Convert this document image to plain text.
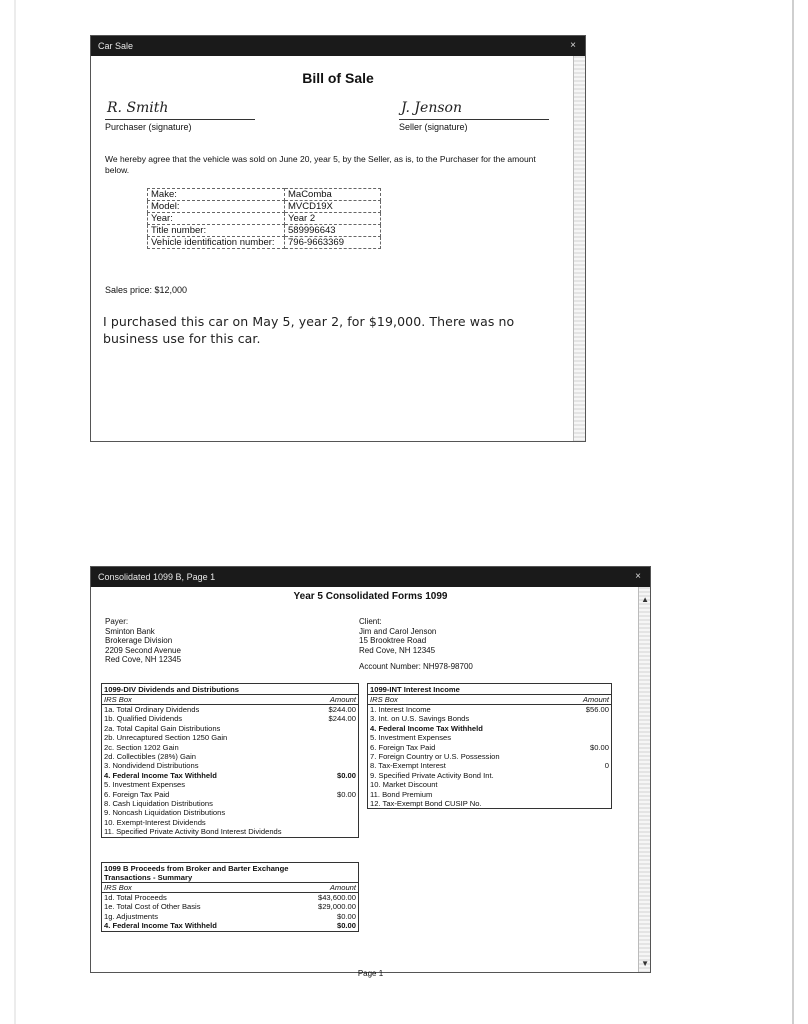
Car Sale	×
Bill of Sale
R. Smith
Purchaser (signature)
J. Jenson
Seller (signature)
We hereby agree that the vehicle was sold on June 20, year 5, by the Seller, as is, to the Purchaser for the amount below.
Make:	MaComba
Model:	MVCD19X
Year:	Year 2
Title number:	589996643
Vehicle identification number:	796-9663369
Sales price: $12,000
I purchased this car on May 5, year 2, for $19,000. There was no business use for this car.
Consolidated 1099 B, Page 1	×
▲
▼
Year 5 Consolidated Forms 1099
Payer:
Sminton Bank
Brokerage Division
2209 Second Avenue
Red Cove, NH 12345
Client:
Jim and Carol Jenson
15 Brooktree Road
Red Cove, NH 12345
Account Number: NH978-98700
1099-DIV Dividends and Distributions
IRS Box	Amount
1a. Total Ordinary Dividends	$244.00
1b. Qualified Dividends	$244.00
2a. Total Capital Gain Distributions
2b. Unrecaptured Section 1250 Gain
2c. Section 1202 Gain
2d. Collectibles (28%) Gain
3. Nondividend Distributions
4. Federal Income Tax Withheld	$0.00
5. Investment Expenses
6. Foreign Tax Paid	$0.00
8. Cash Liquidation Distributions
9. Noncash Liquidation Distributions
10. Exempt-Interest Dividends
11. Specified Private Activity Bond Interest Dividends
1099-INT Interest Income
IRS Box	Amount
1. Interest Income	$56.00
3. Int. on U.S. Savings Bonds
4. Federal Income Tax Withheld
5. Investment Expenses
6. Foreign Tax Paid	$0.00
7. Foreign Country or U.S. Possession
8. Tax-Exempt Interest	0
9. Specified Private Activity Bond Int.
10. Market Discount
11. Bond Premium
12. Tax-Exempt Bond CUSIP No.
1099 B Proceeds from Broker and Barter Exchange
Transactions - Summary
IRS Box	Amount
1d. Total Proceeds	$43,600.00
1e. Total Cost of Other Basis	$29,000.00
1g. Adjustments	$0.00
4. Federal Income Tax Withheld	$0.00
Page 1
